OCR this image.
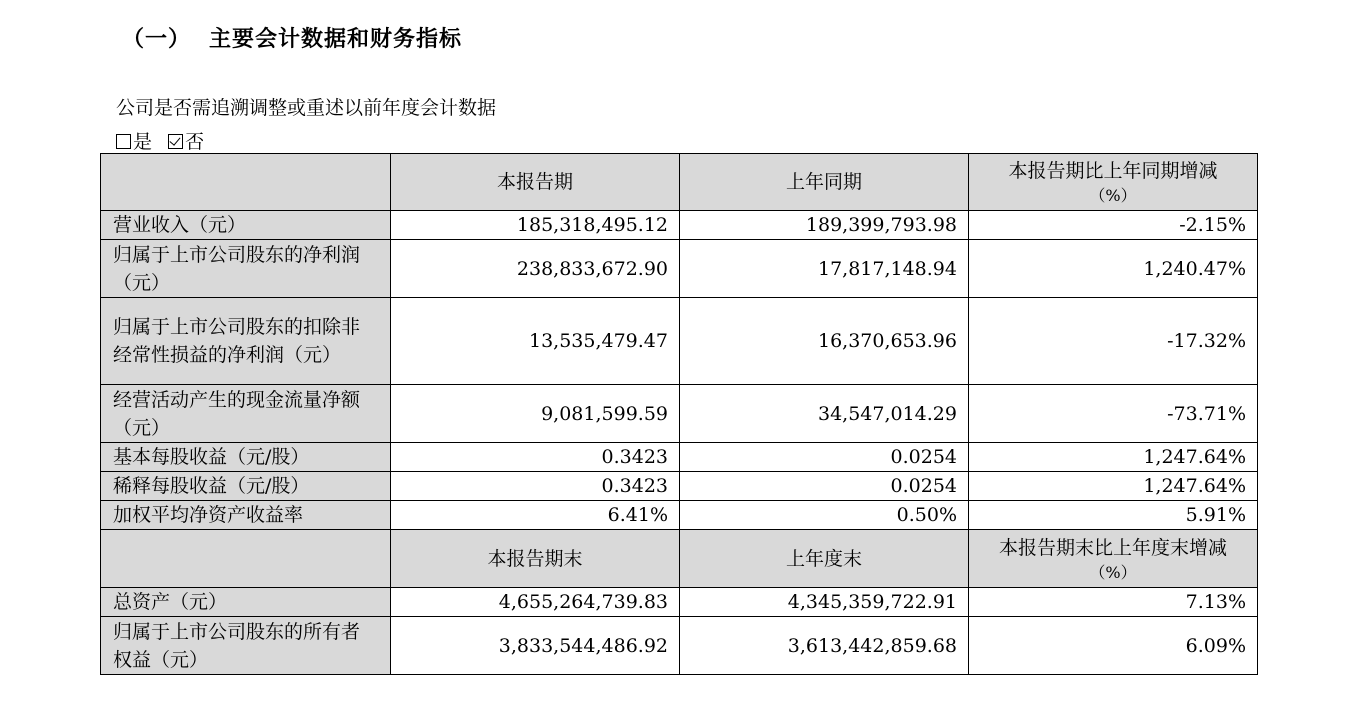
（一） 主要会计数据和财务指标
公司是否需追溯调整或重述以前年度会计数据
是 否
	本报告期	上年同期	本报告期比上年同期增减
（%）

营业收入（元）	185,318,495.12	189,399,793.98	-2.15%
归属于上市公司股东的净利润（元）	238,833,672.90	17,817,148.94	1,240.47%
归属于上市公司股东的扣除非经常性损益的净利润（元）	13,535,479.47	16,370,653.96	-17.32%
经营活动产生的现金流量净额（元）	9,081,599.59	34,547,014.29	-73.71%
基本每股收益（元/股）	0.3423	0.0254	1,247.64%
稀释每股收益（元/股）	0.3423	0.0254	1,247.64%
加权平均净资产收益率	6.41%	0.50%	5.91%
	本报告期末	上年度末	本报告期末比上年度末增减
（%）

总资产（元）	4,655,264,739.83	4,345,359,722.91	7.13%
归属于上市公司股东的所有者权益（元）	3,833,544,486.92	3,613,442,859.68	6.09%
